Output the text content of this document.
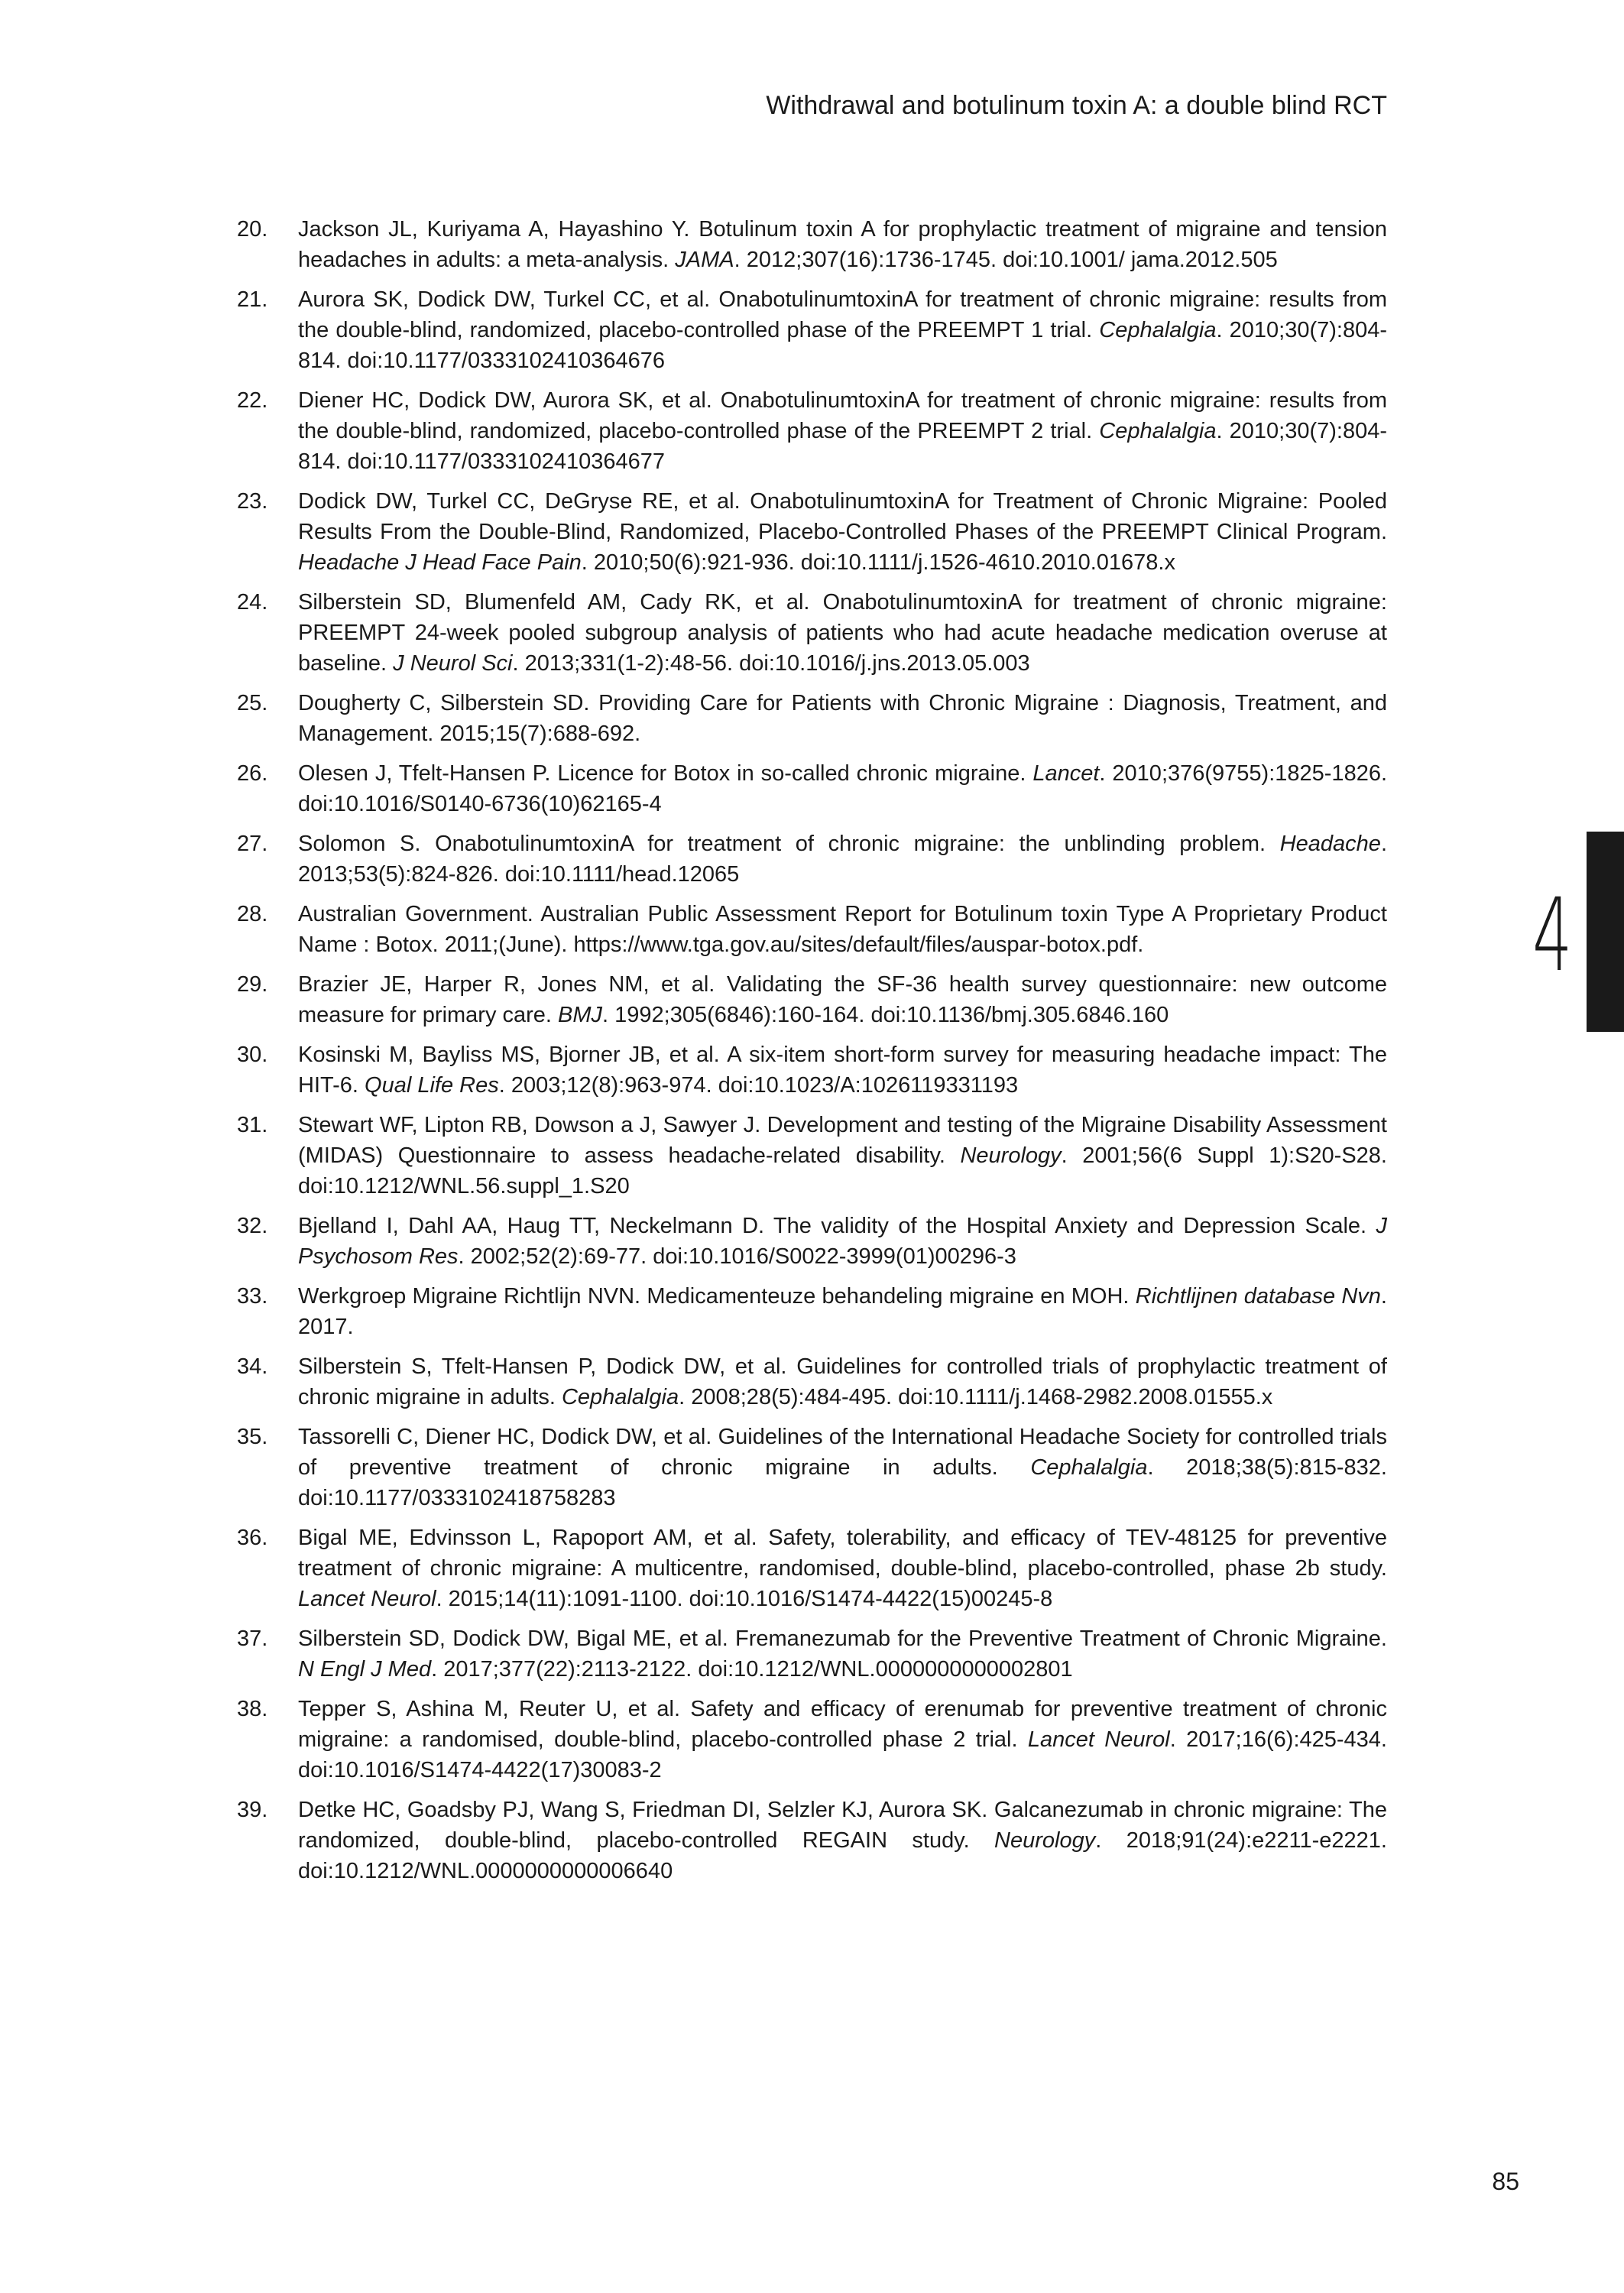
Withdrawal and botulinum toxin A: a double blind RCT
20.	Jackson JL, Kuriyama A, Hayashino Y. Botulinum toxin A for prophylactic treatment of migraine and tension headaches in adults: a meta-analysis. JAMA. 2012;307(16):1736-1745. doi:10.1001/ jama.2012.505
21.	Aurora SK, Dodick DW, Turkel CC, et al. OnabotulinumtoxinA for treatment of chronic migraine: results from the double-blind, randomized, placebo-controlled phase of the PREEMPT 1 trial. Cephalalgia. 2010;30(7):804-814. doi:10.1177/0333102410364676
22.	Diener HC, Dodick DW, Aurora SK, et al. OnabotulinumtoxinA for treatment of chronic migraine: results from the double-blind, randomized, placebo-controlled phase of the PREEMPT 2 trial. Cephalalgia. 2010;30(7):804-814. doi:10.1177/0333102410364677
23.	Dodick DW, Turkel CC, DeGryse RE, et al. OnabotulinumtoxinA for Treatment of Chronic Migraine: Pooled Results From the Double-Blind, Randomized, Placebo-Controlled Phases of the PREEMPT Clinical Program. Headache J Head Face Pain. 2010;50(6):921-936. doi:10.1111/j.1526-4610.2010.01678.x
24.	Silberstein SD, Blumenfeld AM, Cady RK, et al. OnabotulinumtoxinA for treatment of chronic migraine: PREEMPT 24-week pooled subgroup analysis of patients who had acute headache medication overuse at baseline. J Neurol Sci. 2013;331(1-2):48-56. doi:10.1016/j.jns.2013.05.003
25.	Dougherty C, Silberstein SD. Providing Care for Patients with Chronic Migraine : Diagnosis, Treatment, and Management. 2015;15(7):688-692.
26.	Olesen J, Tfelt-Hansen P. Licence for Botox in so-called chronic migraine. Lancet. 2010;376(9755):1825-1826. doi:10.1016/S0140-6736(10)62165-4
27.	Solomon S. OnabotulinumtoxinA for treatment of chronic migraine: the unblinding problem. Headache. 2013;53(5):824-826. doi:10.1111/head.12065
28.	Australian Government. Australian Public Assessment Report for Botulinum toxin Type A Proprietary Product Name : Botox. 2011;(June). https://www.tga.gov.au/sites/default/files/auspar-botox.pdf.
29.	Brazier JE, Harper R, Jones NM, et al. Validating the SF-36 health survey questionnaire: new outcome measure for primary care. BMJ. 1992;305(6846):160-164. doi:10.1136/bmj.305.6846.160
30.	Kosinski M, Bayliss MS, Bjorner JB, et al. A six-item short-form survey for measuring headache impact: The HIT-6. Qual Life Res. 2003;12(8):963-974. doi:10.1023/A:1026119331193
31.	Stewart WF, Lipton RB, Dowson a J, Sawyer J. Development and testing of the Migraine Disability Assessment (MIDAS) Questionnaire to assess headache-related disability. Neurology. 2001;56(6 Suppl 1):S20-S28. doi:10.1212/WNL.56.suppl_1.S20
32.	Bjelland I, Dahl AA, Haug TT, Neckelmann D. The validity of the Hospital Anxiety and Depression Scale. J Psychosom Res. 2002;52(2):69-77. doi:10.1016/S0022-3999(01)00296-3
33.	Werkgroep Migraine Richtlijn NVN. Medicamenteuze behandeling migraine en MOH. Richtlijnen database Nvn. 2017.
34.	Silberstein S, Tfelt-Hansen P, Dodick DW, et al. Guidelines for controlled trials of prophylactic treatment of chronic migraine in adults. Cephalalgia. 2008;28(5):484-495. doi:10.1111/j.1468-2982.2008.01555.x
35.	Tassorelli C, Diener HC, Dodick DW, et al. Guidelines of the International Headache Society for controlled trials of preventive treatment of chronic migraine in adults. Cephalalgia. 2018;38(5):815-832. doi:10.1177/0333102418758283
36.	Bigal ME, Edvinsson L, Rapoport AM, et al. Safety, tolerability, and efficacy of TEV-48125 for preventive treatment of chronic migraine: A multicentre, randomised, double-blind, placebo-controlled, phase 2b study. Lancet Neurol. 2015;14(11):1091-1100. doi:10.1016/S1474-4422(15)00245-8
37.	Silberstein SD, Dodick DW, Bigal ME, et al. Fremanezumab for the Preventive Treatment of Chronic Migraine. N Engl J Med. 2017;377(22):2113-2122. doi:10.1212/WNL.0000000000002801
38.	Tepper S, Ashina M, Reuter U, et al. Safety and efficacy of erenumab for preventive treatment of chronic migraine: a randomised, double-blind, placebo-controlled phase 2 trial. Lancet Neurol. 2017;16(6):425-434. doi:10.1016/S1474-4422(17)30083-2
39.	Detke HC, Goadsby PJ, Wang S, Friedman DI, Selzler KJ, Aurora SK. Galcanezumab in chronic migraine: The randomized, double-blind, placebo-controlled REGAIN study. Neurology. 2018;91(24):e2211-e2221. doi:10.1212/WNL.0000000000006640
4
85
